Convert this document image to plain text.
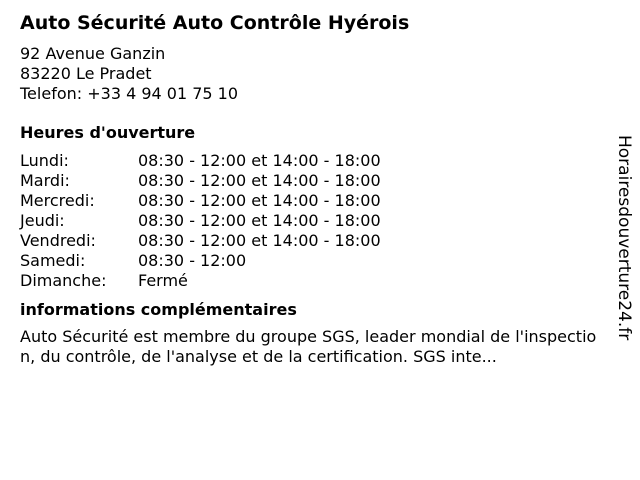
Auto Sécurité Auto Contrôle Hyérois
92 Avenue Ganzin
83220 Le Pradet
Telefon: +33 4 94 01 75 10
Heures d'ouverture
Lundi:	08:30 - 12:00 et 14:00 - 18:00
Mardi:	08:30 - 12:00 et 14:00 - 18:00
Mercredi:	08:30 - 12:00 et 14:00 - 18:00
Jeudi:	08:30 - 12:00 et 14:00 - 18:00
Vendredi:	08:30 - 12:00 et 14:00 - 18:00
Samedi:	08:30 - 12:00
Dimanche:	Fermé
informations complémentaires
Auto Sécurité est membre du groupe SGS, leader mondial de l'inspection, du contrôle, de l'analyse et de la certification. SGS inte...
Horairesdouverture24.fr
